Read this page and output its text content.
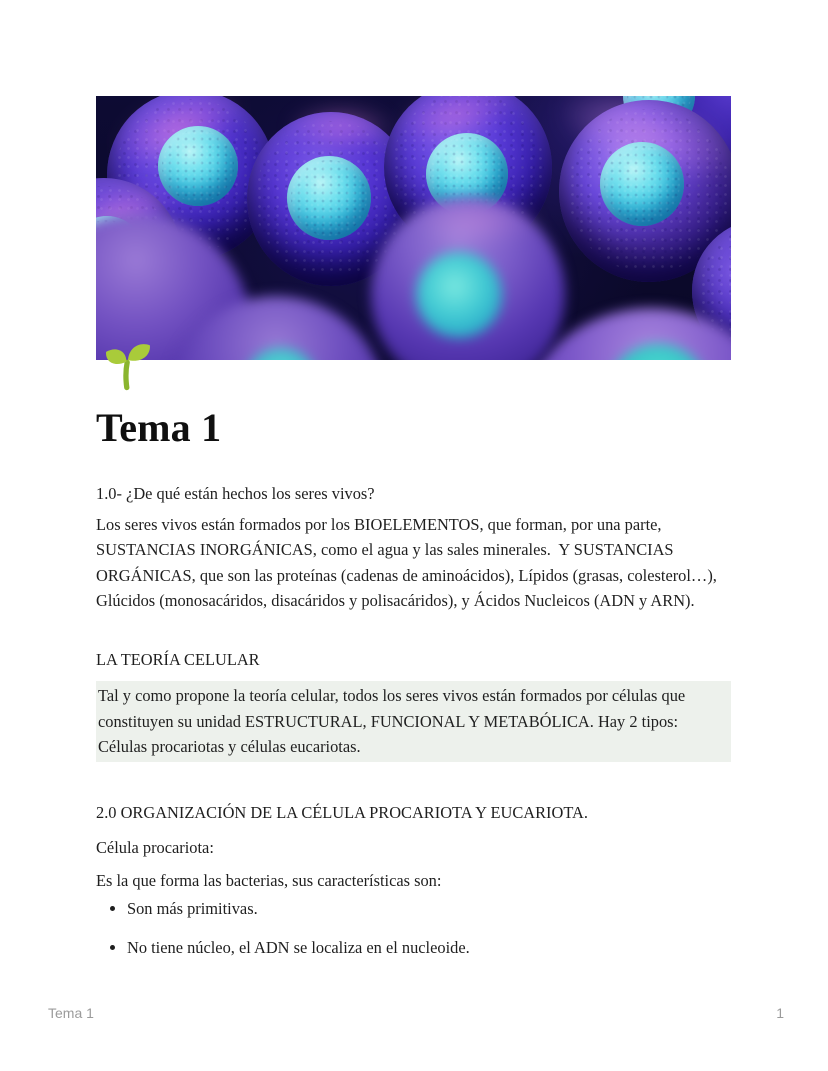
Tema 1

1.0- ¿De qué están hechos los seres vivos?

Los seres vivos están formados por los BIOELEMENTOS, que forman, por una parte, SUSTANCIAS INORGÁNICAS, como el agua y las sales minerales.  Y SUSTANCIAS ORGÁNICAS, que son las proteínas (cadenas de aminoácidos), Lípidos (grasas, colesterol…), Glúcidos (monosacáridos, disacáridos y polisacáridos), y Ácidos Nucleicos (ADN y ARN).

LA TEORÍA CELULAR

Tal y como propone la teoría celular, todos los seres vivos están formados por células que constituyen su unidad ESTRUCTURAL, FUNCIONAL Y METABÓLICA. Hay 2 tipos: Células procariotas y células eucariotas.

2.0 ORGANIZACIÓN DE LA CÉLULA PROCARIOTA Y EUCARIOTA.

Célula procariota:

Es la que forma las bacterias, sus características son:

• Son más primitivas.
• No tiene núcleo, el ADN se localiza en el nucleoide.
Tema 1	1
